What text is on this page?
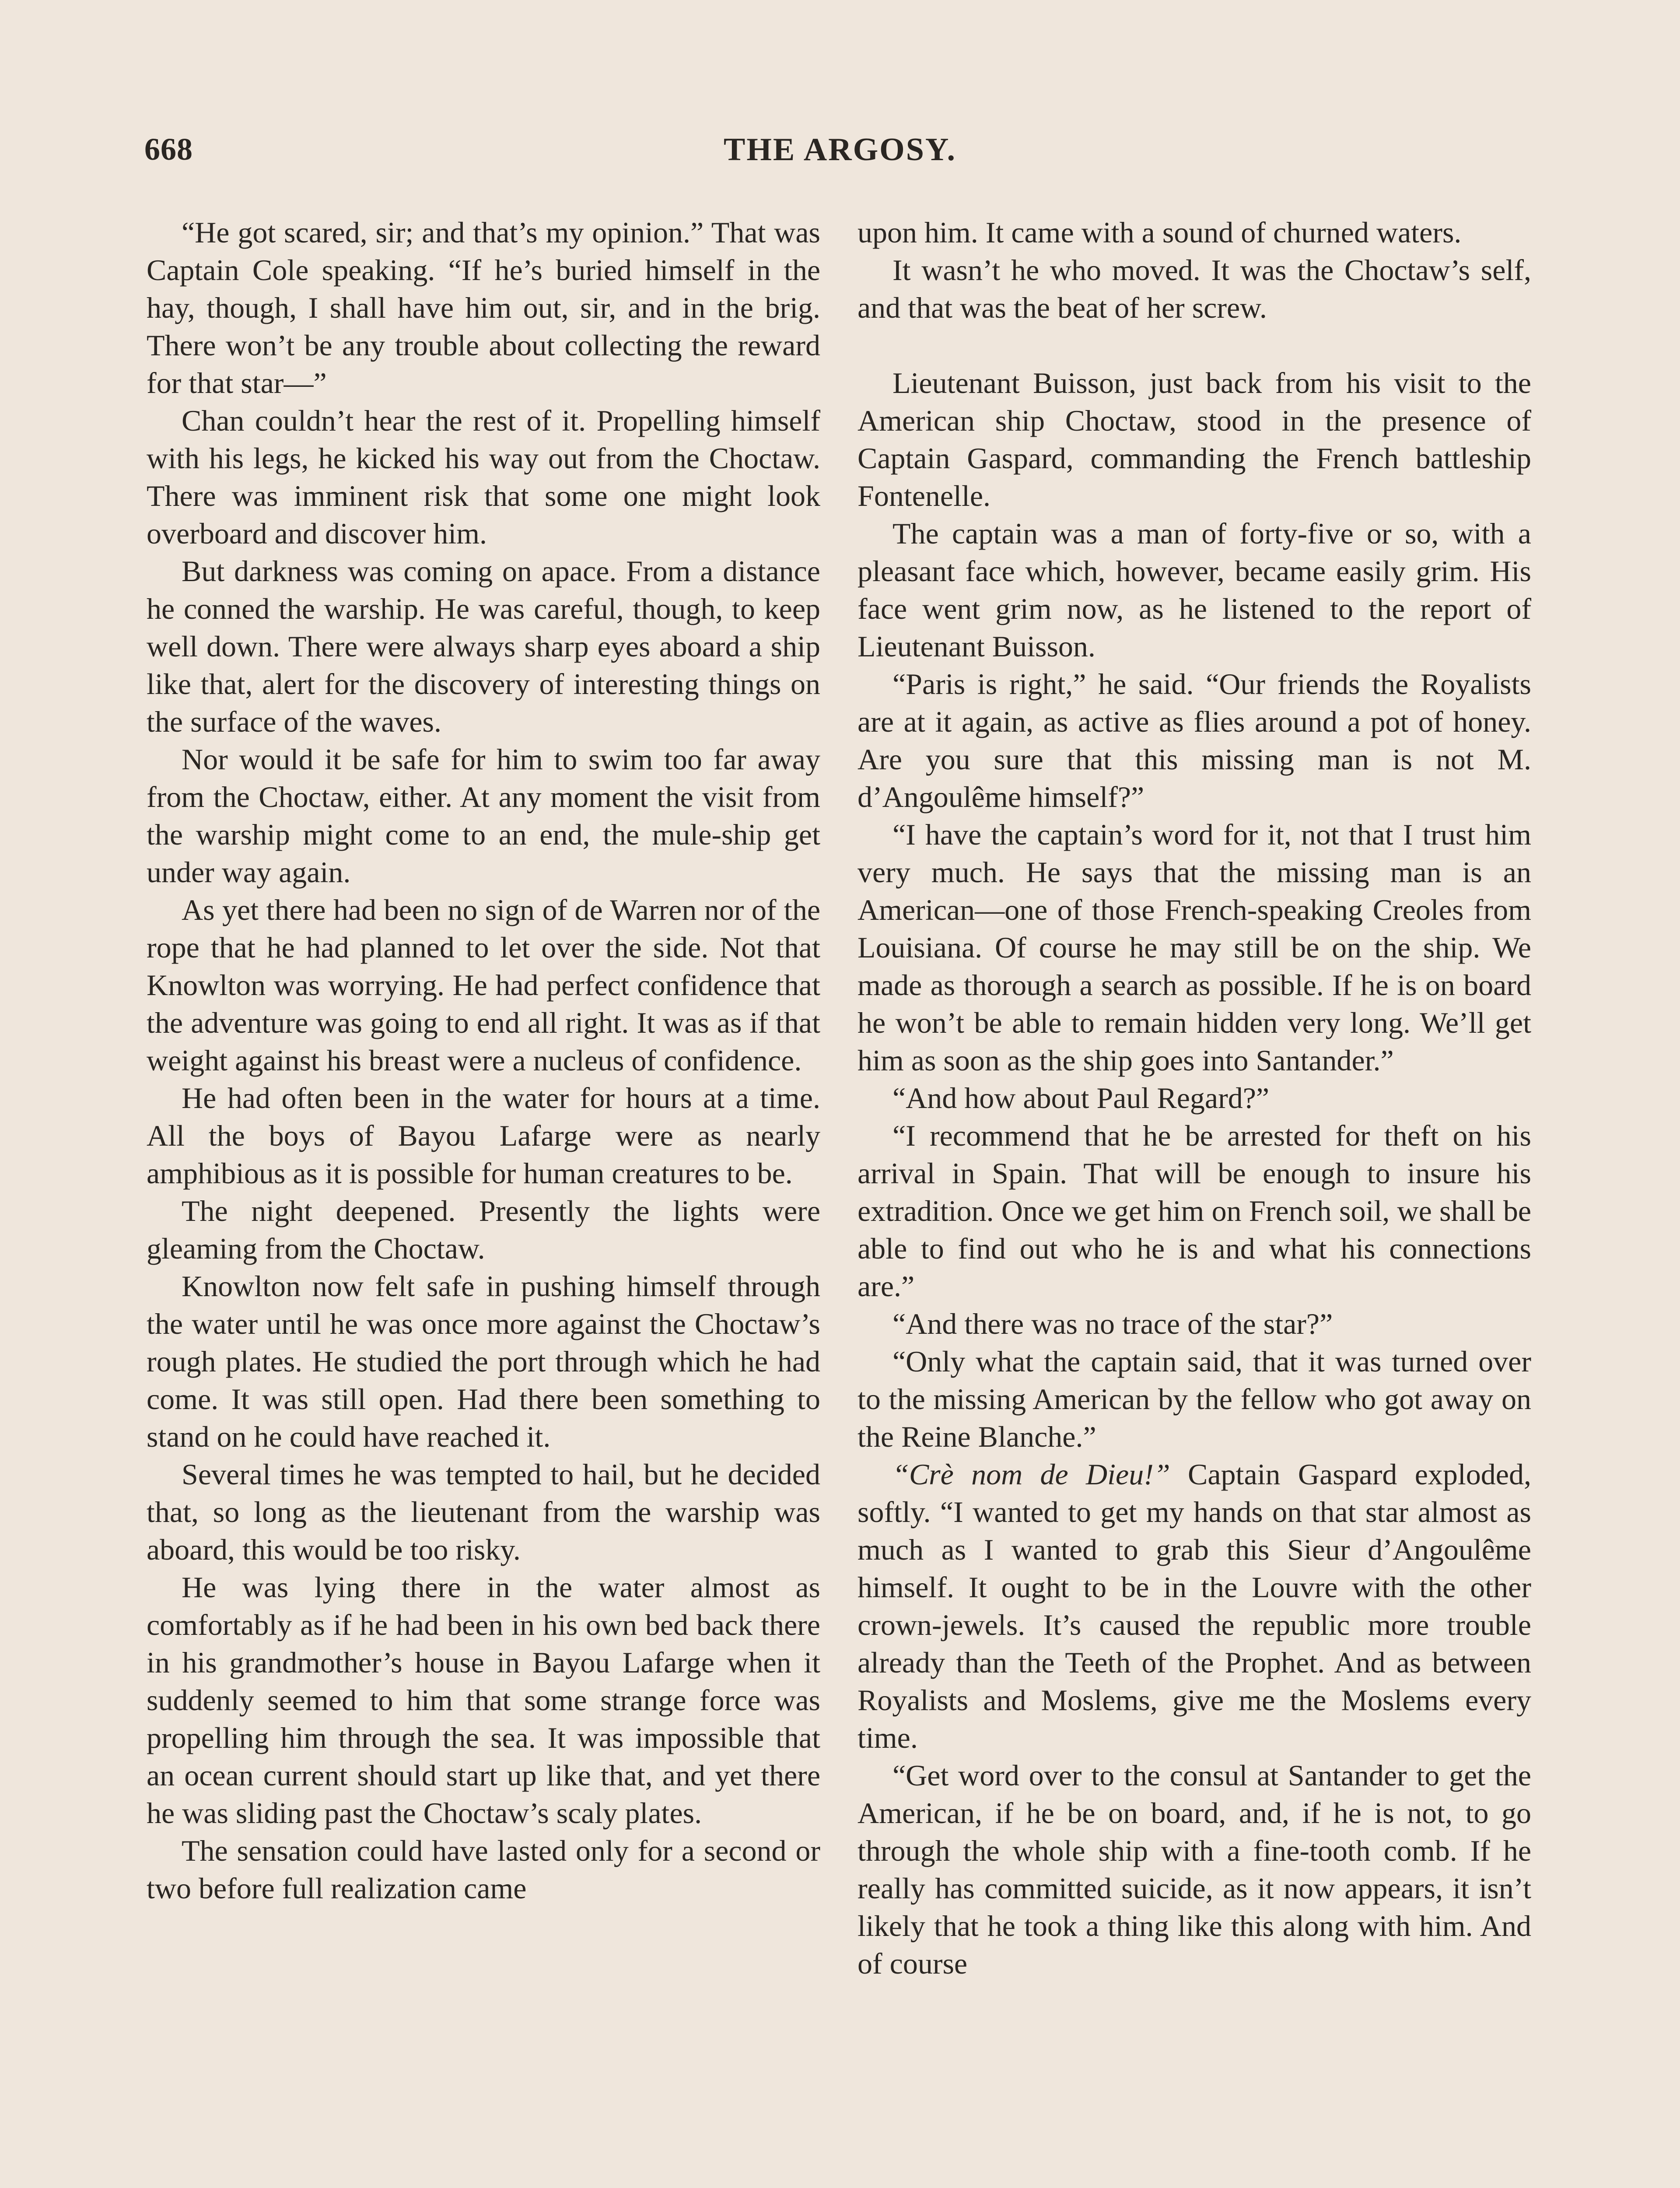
668	THE ARGOSY.

“He got scared, sir; and that’s my opinion.” That was Captain Cole speaking. “If he’s buried himself in the hay, though, I shall have him out, sir, and in the brig. There won’t be any trouble about collecting the reward for that star—”

Chan couldn’t hear the rest of it. Propelling himself with his legs, he kicked his way out from the Choctaw. There was imminent risk that some one might look overboard and discover him.

But darkness was coming on apace. From a distance he conned the warship. He was careful, though, to keep well down. There were always sharp eyes aboard a ship like that, alert for the discovery of interesting things on the surface of the waves.

Nor would it be safe for him to swim too far away from the Choctaw, either. At any moment the visit from the warship might come to an end, the mule-ship get under way again.

As yet there had been no sign of de Warren nor of the rope that he had planned to let over the side. Not that Knowlton was worrying. He had perfect confidence that the adventure was going to end all right. It was as if that weight against his breast were a nucleus of confidence.

He had often been in the water for hours at a time. All the boys of Bayou Lafarge were as nearly amphibious as it is possible for human creatures to be.

The night deepened. Presently the lights were gleaming from the Choctaw.

Knowlton now felt safe in pushing himself through the water until he was once more against the Choctaw’s rough plates. He studied the port through which he had come. It was still open. Had there been something to stand on he could have reached it.

Several times he was tempted to hail, but he decided that, so long as the lieutenant from the warship was aboard, this would be too risky.

He was lying there in the water almost as comfortably as if he had been in his own bed back there in his grandmother’s house in Bayou Lafarge when it suddenly seemed to him that some strange force was propelling him through the sea. It was impossible that an ocean current should start up like that, and yet there he was sliding past the Choctaw’s scaly plates.

The sensation could have lasted only for a second or two before full realization came

upon him. It came with a sound of churned waters.

It wasn’t he who moved. It was the Choctaw’s self, and that was the beat of her screw.

Lieutenant Buisson, just back from his visit to the American ship Choctaw, stood in the presence of Captain Gaspard, commanding the French battleship Fontenelle.

The captain was a man of forty-five or so, with a pleasant face which, however, became easily grim. His face went grim now, as he listened to the report of Lieutenant Buisson.

“Paris is right,” he said. “Our friends the Royalists are at it again, as active as flies around a pot of honey. Are you sure that this missing man is not M. d’Angoulême himself?”

“I have the captain’s word for it, not that I trust him very much. He says that the missing man is an American—one of those French-speaking Creoles from Louisiana. Of course he may still be on the ship. We made as thorough a search as possible. If he is on board he won’t be able to remain hidden very long. We’ll get him as soon as the ship goes into Santander.”

“And how about Paul Regard?”

“I recommend that he be arrested for theft on his arrival in Spain. That will be enough to insure his extradition. Once we get him on French soil, we shall be able to find out who he is and what his connections are.”

“And there was no trace of the star?”

“Only what the captain said, that it was turned over to the missing American by the fellow who got away on the Reine Blanche.”

“Crè nom de Dieu!” Captain Gaspard exploded, softly. “I wanted to get my hands on that star almost as much as I wanted to grab this Sieur d’Angoulême himself. It ought to be in the Louvre with the other crown-jewels. It’s caused the republic more trouble already than the Teeth of the Prophet. And as between Royalists and Moslems, give me the Moslems every time.

“Get word over to the consul at Santander to get the American, if he be on board, and, if he is not, to go through the whole ship with a fine-tooth comb. If he really has committed suicide, as it now appears, it isn’t likely that he took a thing like this along with him. And of course
